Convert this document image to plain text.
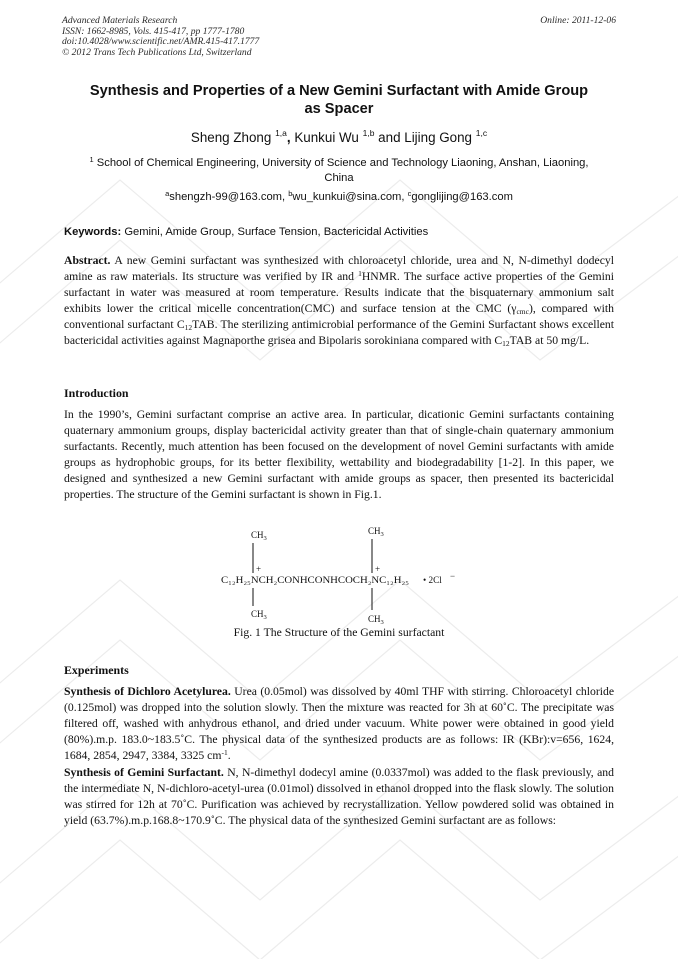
Advanced Materials Research
ISSN: 1662-8985, Vols. 415-417, pp 1777-1780
doi:10.4028/www.scientific.net/AMR.415-417.1777
© 2012 Trans Tech Publications Ltd, Switzerland
Online: 2011-12-06
Synthesis and Properties of a New Gemini Surfactant with Amide Group
as Spacer
Sheng Zhong $^{1,a}$, Kunkui Wu $^{1,b}$ and Lijing Gong $^{1,c}$
$^1$ School of Chemical Engineering, University of Science and Technology Liaoning, Anshan, Liaoning, China
$^a$shengzh-99@163.com, $^b$wu_kunkui@sina.com, $^c$gonglijing@163.com
Keywords: Gemini, Amide Group, Surface Tension, Bactericidal Activities
Abstract. A new Gemini surfactant was synthesized with chloroacetyl chloride, urea and N, N-dimethyl dodecyl amine as raw materials. Its structure was verified by IR and $^1$HNMR. The surface active properties of the Gemini surfactant in water was measured at room temperature. Results indicate that the bisquaternary ammonium salt exhibits lower the critical micelle concentration(CMC) and surface tension at the CMC $(\gamma_{cmc})$, compared with conventional surfactant $C_{12}TAB$. The sterilizing antimicrobial performance of the Gemini Surfactant shows excellent bactericidal activities against Magnaporthe grisea and Bipolaris sorokiniana compared with $C_{12}TAB$ at 50 mg/L.
Introduction
In the 1990’s, Gemini surfactant comprise an active area. In particular, dicationic Gemini surfactants containing quaternary ammonium groups, display bactericidal activity greater than that of single-chain quaternary ammonium surfactants. Recently, much attention has been focused on the development of novel Gemini surfactants with amide groups as hydrophobic groups, for its better flexibility, wettability and biodegradability [1-2]. In this paper, we designed and synthesized a new Gemini surfactant with amide groups as spacer, then presented its bactericidal properties. The structure of the Gemini surfactant is shown in Fig.1.
$CH_3$
$CH_3$
+	+
C₁₂H₂₅NCH₂CONHCONHCOCH₂NC₁₂H₂₅ • 2Cl −
$CH_3$	$CH_3$
Fig. 1 The Structure of the Gemini surfactant
Experiments
Synthesis of Dichloro Acetylurea. Urea (0.05mol) was dissolved by 40ml THF with stirring. Chloroacetyl chloride (0.125mol) was dropped into the solution slowly. Then the mixture was reacted for 3h at 60˚C. The precipitate was filtered off, washed with anhydrous ethanol, and dried under vacuum. White power were obtained in good yield (80%).m.p. 183.0~183.5˚C. The physical data of the synthesized products are as follows: IR (KBr):v=656, 1624, 1684, 2854, 2947, 3384, 3325 $cm^{-1}$.
Synthesis of Gemini Surfactant. N, N-dimethyl dodecyl amine (0.0337mol) was added to the flask previously, and the intermediate N, N-dichloro-acetyl-urea (0.01mol) dissolved in ethanol dropped into the flask slowly. The solution was stirred for 12h at 70˚C. Purification was achieved by recrystallization. Yellow powdered solid was obtained in yield (63.7%).m.p.168.8~170.9˚C. The physical data of the synthesized Gemini surfactant are as follows:
